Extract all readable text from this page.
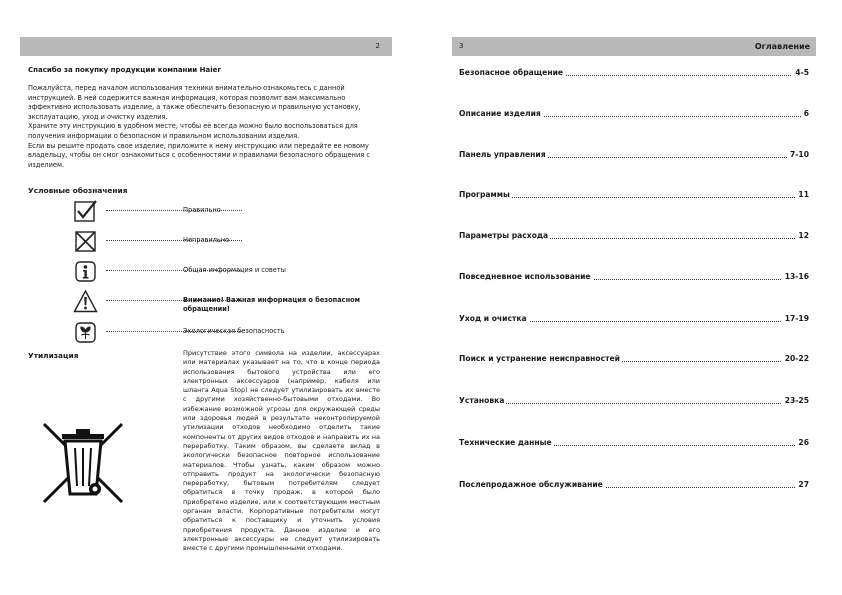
2
Спасибо за покупку продукции компании Haier

Пожалуйста, перед началом использования техники внимательно ознакомьтесь с данной инструкцией. В ней содержится важная информация, которая позволит вам максимально эффективно использовать изделие, а также обеспечить безопасную и правильную установку, эксплуатацию, уход и очистку изделия.

Храните эту инструкцию в удобном месте, чтобы её всегда можно было воспользоваться для получения информации о безопасном и правильном использовании изделия.

Если вы решите продать свое изделие, приложите к нему инструкцию или передайте ее новому владельцу, чтобы он смог ознакомиться с особенностями и правилами безопасного обращения с изделием.

Условные обозначения
Правильно
Неправильно
Общая информация и советы
Внимание! Важная информация о безопасном обращении!
Экологическая безопасность
Утилизация	Присутствие этого символа на изделии, аксессуарах или материалах указывает на то, что в конце периода использования бытового устройства или его электронных аксессуаров (например, кабеля или шланга Aqua Stop) не следует утилизировать их вместе с другими хозяйственно-бытовыми отходами. Во избежание возможной угрозы для окружающей среды или здоровья людей в результате неконтролируемой утилизации отходов необходимо отделить такие компоненты от других видов отходов и направить их на переработку. Таким образом, вы сделаете вклад в экологически безопасное повторное использование материалов. Чтобы узнать, каким образом можно отправить продукт на экологически безопасную переработку, бытовым потребителям следует обратиться в точку продаж, в которой было приобретено изделие, или к соответствующим местным органам власти. Корпоративные потребители могут обратиться к поставщику и уточнить условия приобретения продукта. Данное изделие и его электронные аксессуары не следует утилизировать вместе с другими промышленными отходами.
3	Оглавление
Безопасное обращение	4-5
Описание изделия	6
Панель управления	7-10
Программы	11
Параметры расхода	12
Повседневное использование	13-16
Уход и очистка	17-19
Поиск и устранение неисправностей	20-22
Установка	23-25
Технические данные	26
Послепродажное обслуживание	27
